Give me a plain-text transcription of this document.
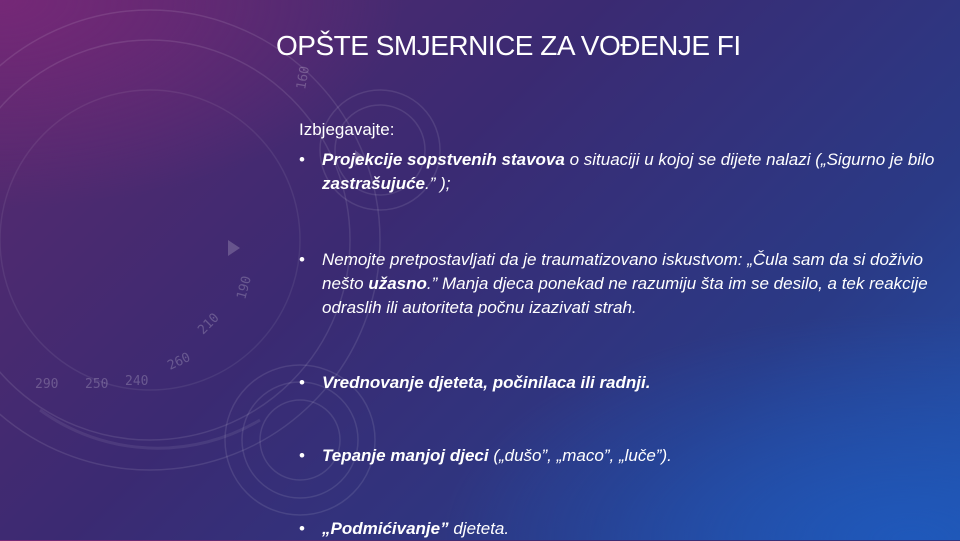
160
290 250 240
260
210
190
OPŠTE SMJERNICE ZA VOĐENJE FI
Izbjegavajte:
• Projekcije sopstvenih stavova o situaciji u kojoj se dijete nalazi („Sigurno je bilo zastrašujuće.” );
• Nemojte pretpostavljati da je traumatizovano iskustvom: „Čula sam da si doživio nešto užasno.” Manja djeca ponekad ne razumiju šta im se desilo, a tek reakcije odraslih ili autoriteta počnu izazivati strah.
• Vrednovanje djeteta, počinilaca ili radnji.
• Tepanje manjoj djeci („dušo”, „maco”, „luče”).
• „Podmićivanje” djeteta.
